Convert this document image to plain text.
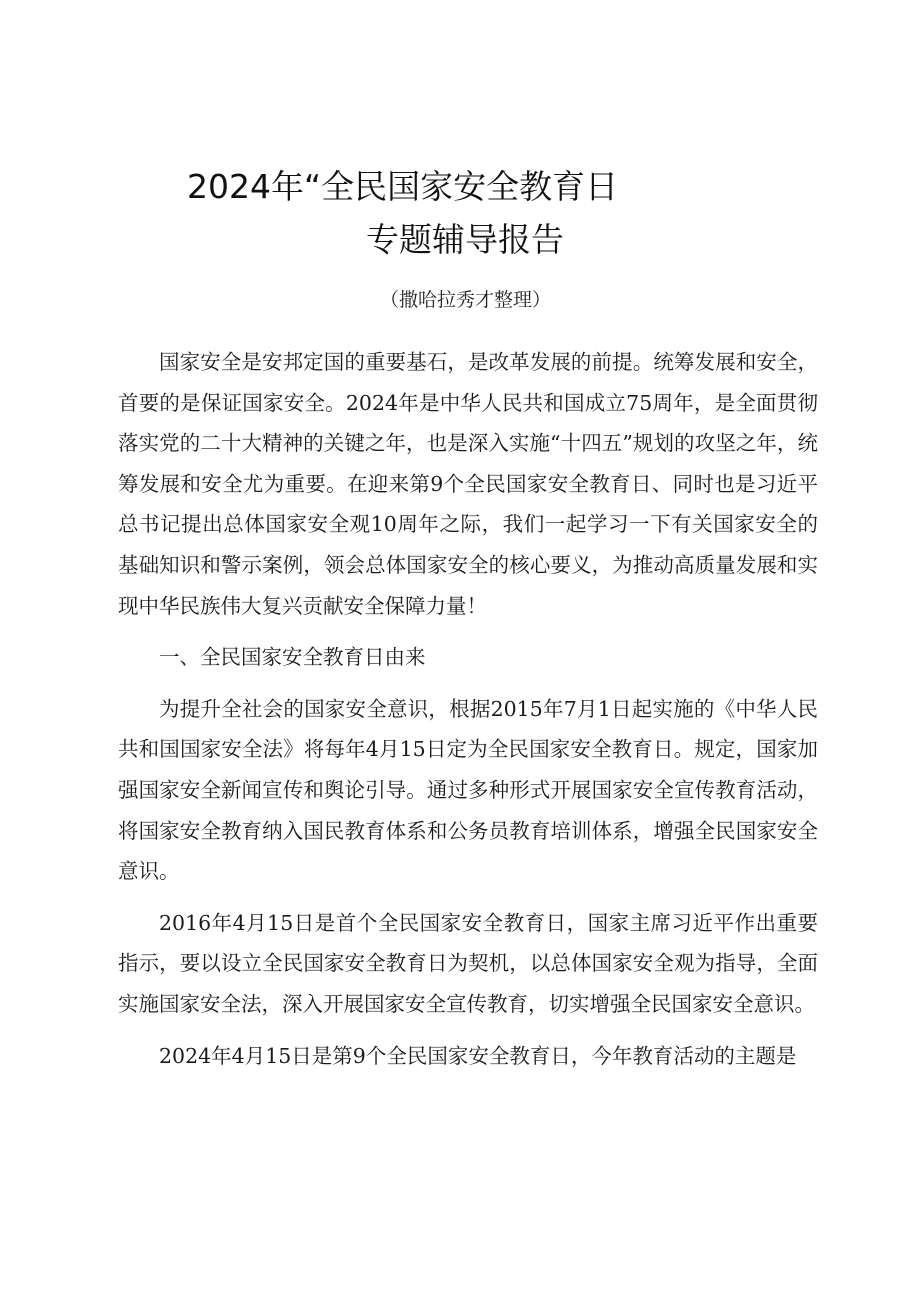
2024年“全民国家安全教育日
专题辅导报告
（撒哈拉秀才整理）

国家安全是安邦定国的重要基石，是改革发展的前提。统筹发展和安全，首要的是保证国家安全。2024年是中华人民共和国成立75周年，是全面贯彻落实党的二十大精神的关键之年，也是深入实施“十四五”规划的攻坚之年，统筹发展和安全尤为重要。在迎来第9个全民国家安全教育日、同时也是习近平总书记提出总体国家安全观10周年之际，我们一起学习一下有关国家安全的基础知识和警示案例，领会总体国家安全的核心要义，为推动高质量发展和实现中华民族伟大复兴贡献安全保障力量！

一、全民国家安全教育日由来

为提升全社会的国家安全意识，根据2015年7月1日起实施的《中华人民共和国国家安全法》将每年4月15日定为全民国家安全教育日。规定，国家加强国家安全新闻宣传和舆论引导。通过多种形式开展国家安全宣传教育活动，将国家安全教育纳入国民教育体系和公务员教育培训体系，增强全民国家安全意识。

2016年4月15日是首个全民国家安全教育日，国家主席习近平作出重要指示，要以设立全民国家安全教育日为契机，以总体国家安全观为指导，全面实施国家安全法，深入开展国家安全宣传教育，切实增强全民国家安全意识。

2024年4月15日是第9个全民国家安全教育日，今年教育活动的主题是
